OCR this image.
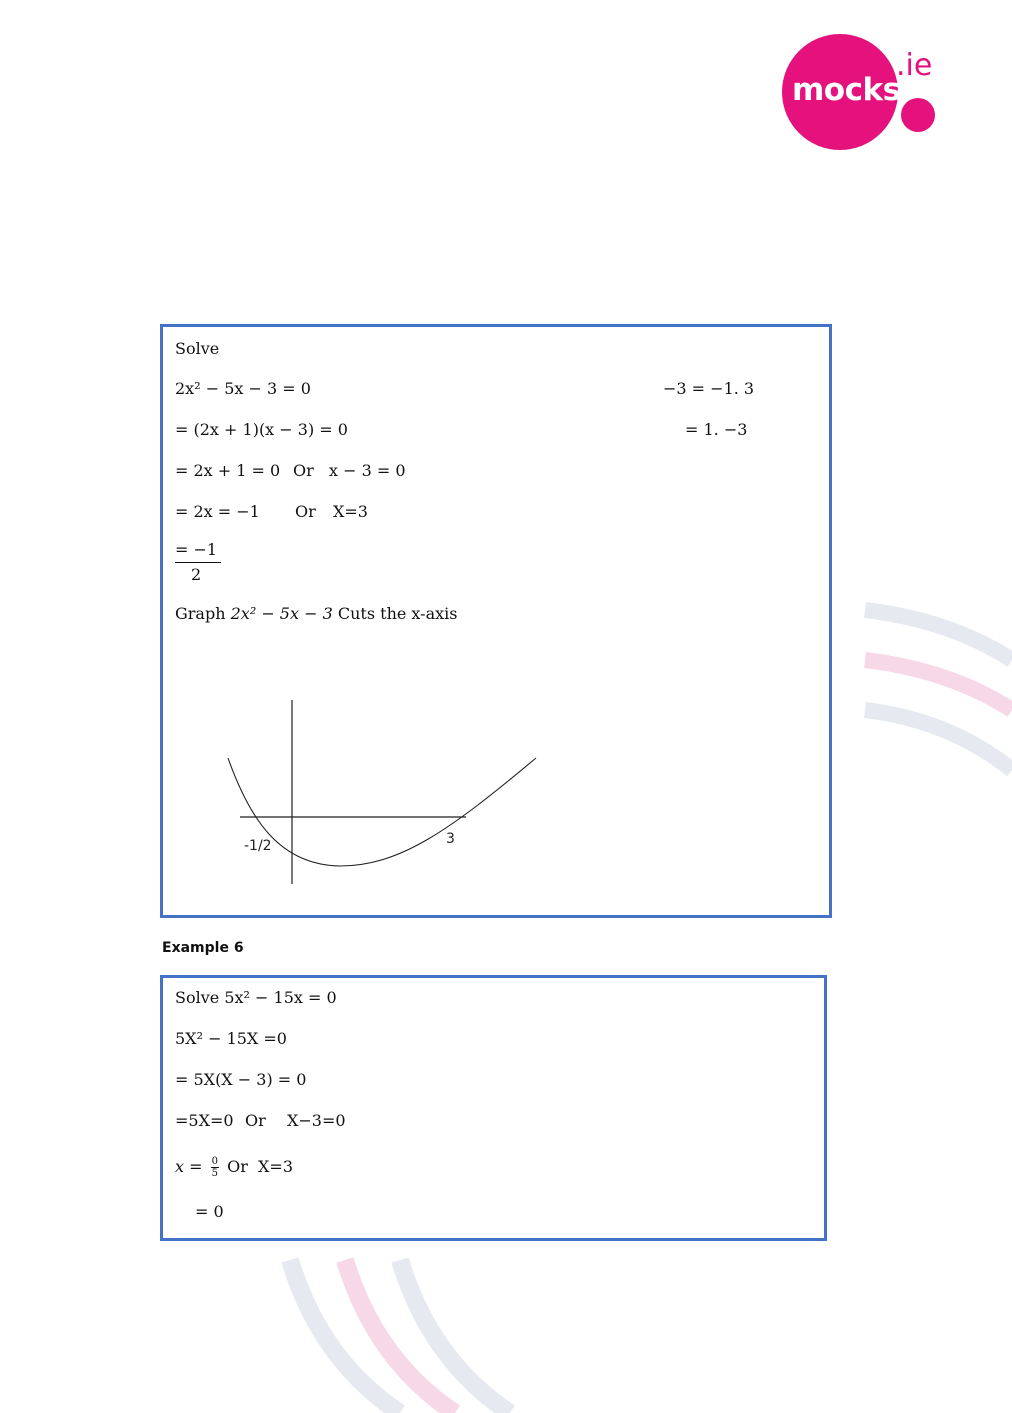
mocks
.ie
Solve
2x² − 5x − 3 = 0	−3 = −1. 3
= (2x + 1)(x − 3) = 0	= 1. −3
= 2x + 1 = 0 Or x − 3 = 0
= 2x = −1 Or X=3
= −1
2
Graph 2x² − 5x − 3 Cuts the x-axis
-1/2	3
Example 6
Solve 5x² − 15x = 0
5X² − 15X =0
= 5X(X − 3) = 0
=5X=0 Or X−3=0
$x = \frac{0}{5}$ Or X=3
= 0
